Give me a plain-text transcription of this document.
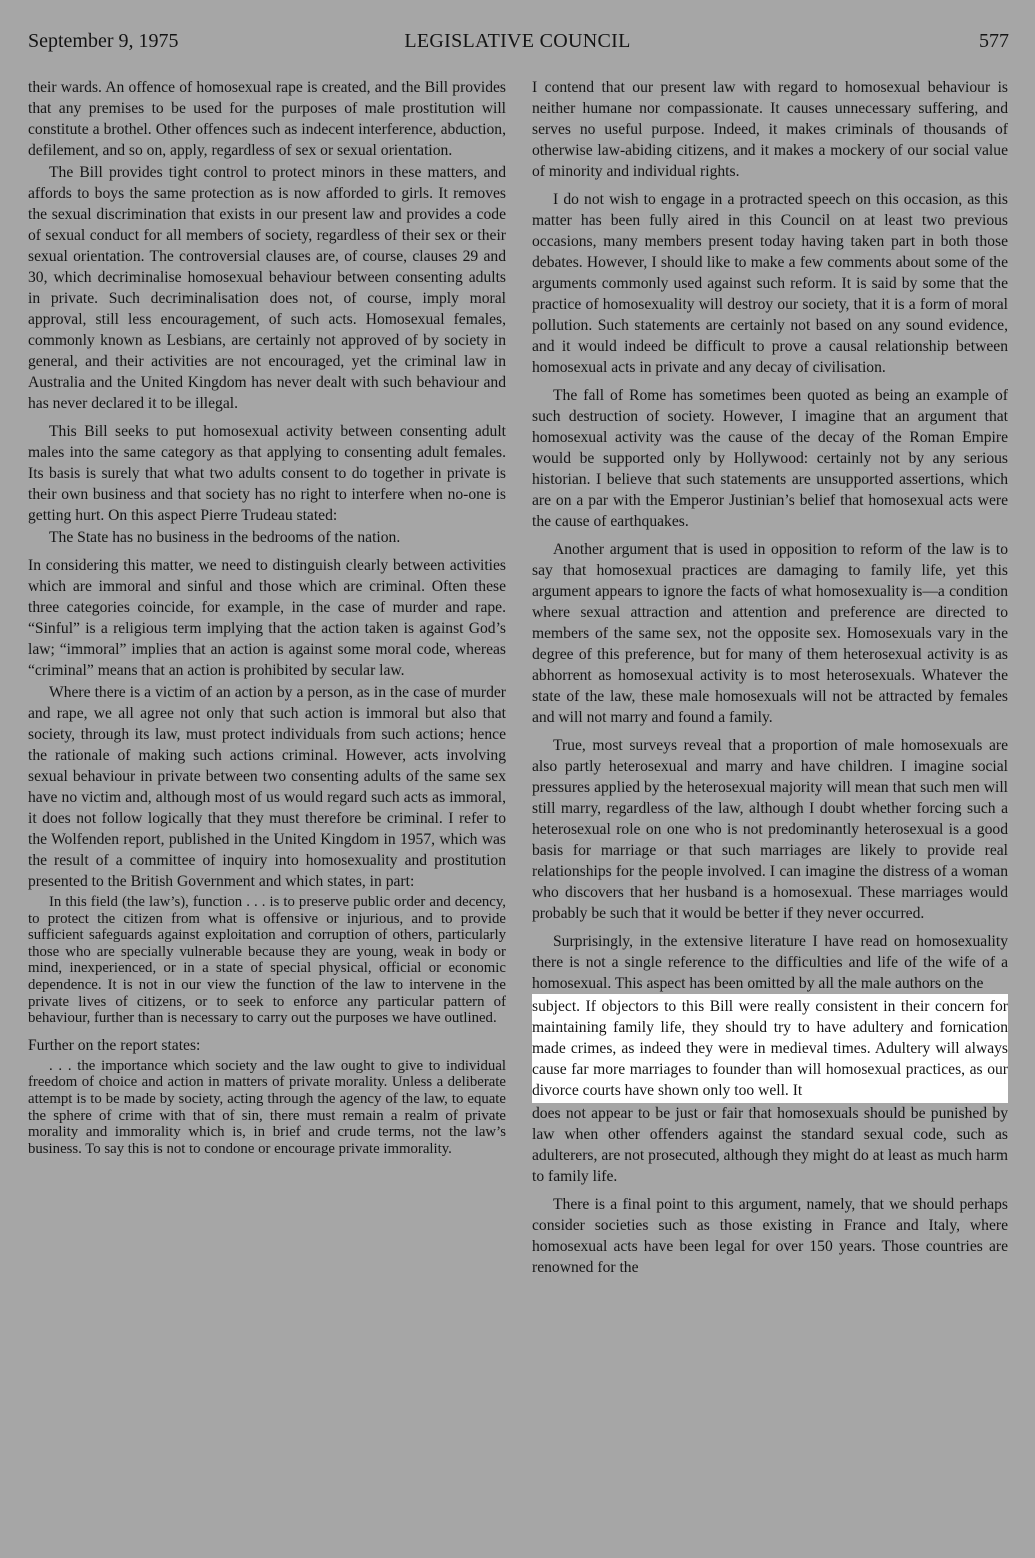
September 9, 1975	LEGISLATIVE COUNCIL	577

their wards. An offence of homosexual rape is created, and the Bill provides that any premises to be used for the purposes of male prostitution will constitute a brothel. Other offences such as indecent interference, abduction, defilement, and so on, apply, regardless of sex or sexual orientation.

The Bill provides tight control to protect minors in these matters, and affords to boys the same protection as is now afforded to girls. It removes the sexual discrimination that exists in our present law and provides a code of sexual conduct for all members of society, regardless of their sex or their sexual orientation. The controversial clauses are, of course, clauses 29 and 30, which decriminalise homosexual behaviour between consenting adults in private. Such decriminalisation does not, of course, imply moral approval, still less encouragement, of such acts. Homosexual females, commonly known as Lesbians, are certainly not approved of by society in general, and their activities are not encouraged, yet the criminal law in Australia and the United Kingdom has never dealt with such behaviour and has never declared it to be illegal.

This Bill seeks to put homosexual activity between consenting adult males into the same category as that applying to consenting adult females. Its basis is surely that what two adults consent to do together in private is their own business and that society has no right to interfere when no-one is getting hurt. On this aspect Pierre Trudeau stated:

The State has no business in the bedrooms of the nation.

In considering this matter, we need to distinguish clearly between activities which are immoral and sinful and those which are criminal. Often these three categories coincide, for example, in the case of murder and rape. “Sinful” is a religious term implying that the action taken is against God’s law; “immoral” implies that an action is against some moral code, whereas “criminal” means that an action is prohibited by secular law.

Where there is a victim of an action by a person, as in the case of murder and rape, we all agree not only that such action is immoral but also that society, through its law, must protect individuals from such actions; hence the rationale of making such actions criminal. However, acts involving sexual behaviour in private between two consenting adults of the same sex have no victim and, although most of us would regard such acts as immoral, it does not follow logically that they must therefore be criminal. I refer to the Wolfenden report, published in the United Kingdom in 1957, which was the result of a committee of inquiry into homosexuality and prostitution presented to the British Government and which states, in part:

In this field (the law’s), function . . . is to preserve public order and decency, to protect the citizen from what is offensive or injurious, and to provide sufficient safeguards against exploitation and corruption of others, particularly those who are specially vulnerable because they are young, weak in body or mind, inexperienced, or in a state of special physical, official or economic dependence. It is not in our view the function of the law to intervene in the private lives of citizens, or to seek to enforce any particular pattern of behaviour, further than is necessary to carry out the purposes we have outlined.

Further on the report states:

. . . the importance which society and the law ought to give to individual freedom of choice and action in matters of private morality. Unless a deliberate attempt is to be made by society, acting through the agency of the law, to equate the sphere of crime with that of sin, there must remain a realm of private morality and immorality which is, in brief and crude terms, not the law’s business. To say this is not to condone or encourage private immorality.

I contend that our present law with regard to homosexual behaviour is neither humane nor compassionate. It causes unnecessary suffering, and serves no useful purpose. Indeed, it makes criminals of thousands of otherwise law-abiding citizens, and it makes a mockery of our social value of minority and individual rights.

I do not wish to engage in a protracted speech on this occasion, as this matter has been fully aired in this Council on at least two previous occasions, many members present today having taken part in both those debates. However, I should like to make a few comments about some of the arguments commonly used against such reform. It is said by some that the practice of homosexuality will destroy our society, that it is a form of moral pollution. Such statements are certainly not based on any sound evidence, and it would indeed be difficult to prove a causal relationship between homosexual acts in private and any decay of civilisation.

The fall of Rome has sometimes been quoted as being an example of such destruction of society. However, I imagine that an argument that homosexual activity was the cause of the decay of the Roman Empire would be supported only by Hollywood: certainly not by any serious historian. I believe that such statements are unsupported assertions, which are on a par with the Emperor Justinian’s belief that homosexual acts were the cause of earthquakes.

Another argument that is used in opposition to reform of the law is to say that homosexual practices are damaging to family life, yet this argument appears to ignore the facts of what homosexuality is—a condition where sexual attraction and attention and preference are directed to members of the same sex, not the opposite sex. Homosexuals vary in the degree of this preference, but for many of them heterosexual activity is as abhorrent as homosexual activity is to most heterosexuals. Whatever the state of the law, these male homosexuals will not be attracted by females and will not marry and found a family.

True, most surveys reveal that a proportion of male homosexuals are also partly heterosexual and marry and have children. I imagine social pressures applied by the heterosexual majority will mean that such men will still marry, regardless of the law, although I doubt whether forcing such a heterosexual role on one who is not predominantly heterosexual is a good basis for marriage or that such marriages are likely to provide real relationships for the people involved. I can imagine the distress of a woman who discovers that her husband is a homosexual. These marriages would probably be such that it would be better if they never occurred.

Surprisingly, in the extensive literature I have read on homosexuality there is not a single reference to the difficulties and life of the wife of a homosexual. This aspect has been omitted by all the male authors on the

subject. If objectors to this Bill were really consistent in their concern for maintaining family life, they should try to have adultery and fornication made crimes, as indeed they were in medieval times. Adultery will always cause far more marriages to founder than will homosexual practices, as our divorce courts have shown only too well. It

does not appear to be just or fair that homosexuals should be punished by law when other offenders against the standard sexual code, such as adulterers, are not prosecuted, although they might do at least as much harm to family life.

There is a final point to this argument, namely, that we should perhaps consider societies such as those existing in France and Italy, where homosexual acts have been legal for over 150 years. Those countries are renowned for the
